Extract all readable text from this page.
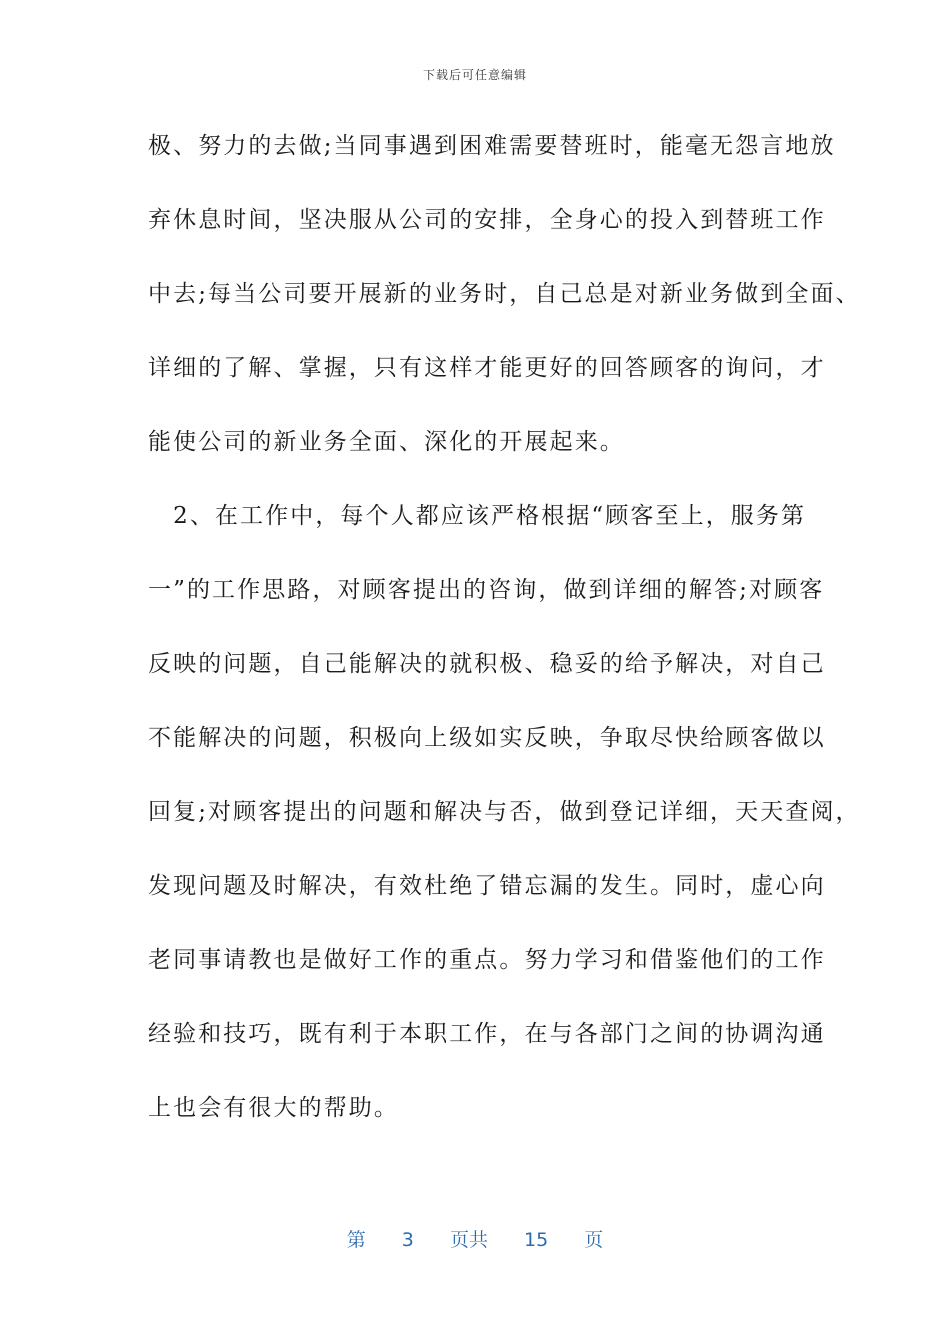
下载后可任意编辑
极、努力的去做;当同事遇到困难需要替班时，能毫无怨言地放
弃休息时间，坚决服从公司的安排，全身心的投入到替班工作
中去;每当公司要开展新的业务时，自己总是对新业务做到全面、
详细的了解、掌握，只有这样才能更好的回答顾客的询问，才
能使公司的新业务全面、深化的开展起来。
　2、在工作中，每个人都应该严格根据“顾客至上，服务第
一”的工作思路，对顾客提出的咨询，做到详细的解答;对顾客
反映的问题，自己能解决的就积极、稳妥的给予解决，对自己
不能解决的问题，积极向上级如实反映，争取尽快给顾客做以
回复;对顾客提出的问题和解决与否，做到登记详细，天天查阅，
发现问题及时解决，有效杜绝了错忘漏的发生。同时，虚心向
老同事请教也是做好工作的重点。努力学习和借鉴他们的工作
经验和技巧，既有利于本职工作，在与各部门之间的协调沟通
上也会有很大的帮助。
第 3 页共 15 页
